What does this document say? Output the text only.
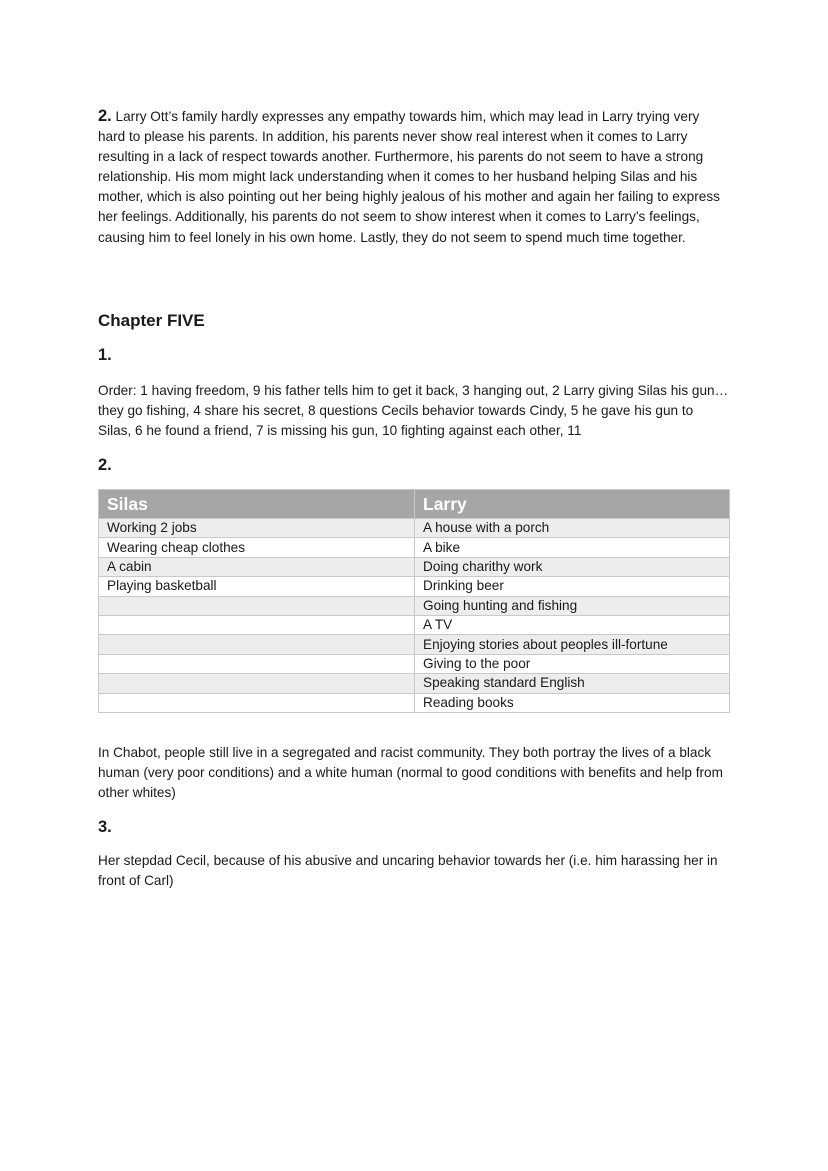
2. Larry Ott’s family hardly expresses any empathy towards him, which may lead in Larry trying very hard to please his parents. In addition, his parents never show real interest when it comes to Larry resulting in a lack of respect towards another. Furthermore, his parents do not seem to have a strong relationship. His mom might lack understanding when it comes to her husband helping Silas and his mother, which is also pointing out her being highly jealous of his mother and again her failing to express her feelings. Additionally, his parents do not seem to show interest when it comes to Larry’s feelings, causing him to feel lonely in his own home. Lastly, they do not seem to spend much time together.

Chapter FIVE
1.

Order: 1 having freedom, 9 his father tells him to get it back, 3 hanging out, 2 Larry giving Silas his gun… they go fishing, 4 share his secret, 8 questions Cecils behavior towards Cindy, 5 he gave his gun to Silas, 6 he found a friend, 7 is missing his gun, 10 fighting against each other, 11

2.
Silas	Larry
Working 2 jobs	A house with a porch
Wearing cheap clothes	A bike
A cabin	Doing charithy work
Playing basketball	Drinking beer
	Going hunting and fishing
	A TV
	Enjoying stories about peoples ill-fortune
	Giving to the poor
	Speaking standard English
	Reading books

In Chabot, people still live in a segregated and racist community. They both portray the lives of a black human (very poor conditions) and a white human (normal to good conditions with benefits and help from other whites)

3.

Her stepdad Cecil, because of his abusive and uncaring behavior towards her (i.e. him harassing her in front of Carl)
